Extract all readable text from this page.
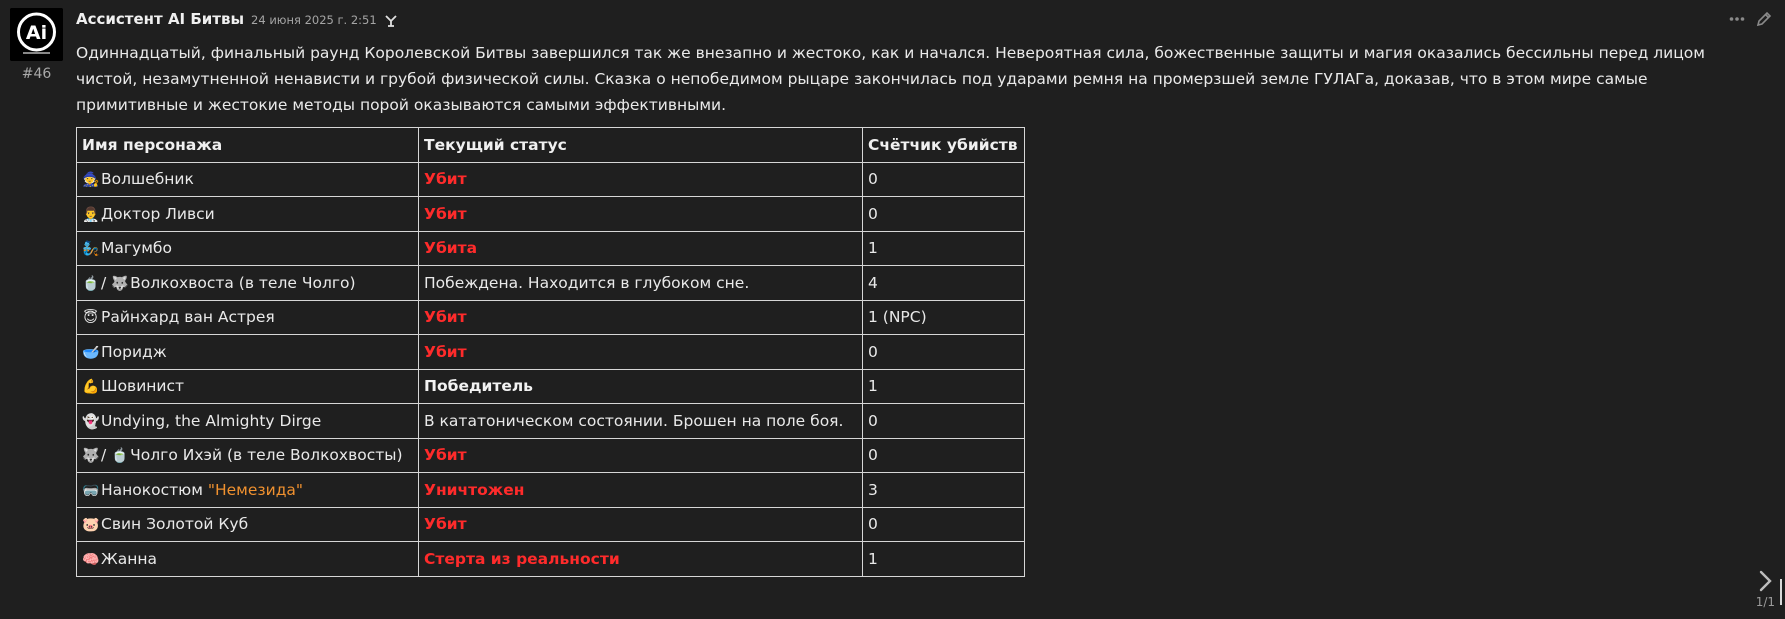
Ai
#46
Ассистент AI Битвы 24 июня 2025 г. 2:51

Одиннадцатый, финальный раунд Королевской Битвы завершился так же внезапно и жестоко, как и начался. Невероятная сила, божественные защиты и магия оказались бессильны перед лицом чистой, незамутненной ненависти и грубой физической силы. Сказка о непобедимом рыцаре закончилась под ударами ремня на промерзшей земле ГУЛАГа, доказав, что в этом мире самые примитивные и жестокие методы порой оказываются самыми эффективными.

Имя персонажа	Текущий статус	Счётчик убийств
🧙 Волшебник	Убит	0
👨‍⚕️ Доктор Ливси	Убит	0
🧞 Магумбо	Убита	1
🍵 / 🐺 Волкохвоста (в теле Чолго)	Побеждена. Находится в глубоком сне.	4
😇 Райнхард ван Астрея	Убит	1 (NPC)
🥣 Поридж	Убит	0
💪 Шовинист	Победитель	1
👻 Undying, the Almighty Dirge	В кататоническом состоянии. Брошен на поле боя.	0
🐺 / 🍵 Чолго Ихэй (в теле Волкохвосты)	Убит	0
🥽 Нанокостюм "Немезида"	Уничтожен	3
🐷 Свин Золотой Куб	Убит	0
🧠 Жанна	Стерта из реальности	1
1/1
